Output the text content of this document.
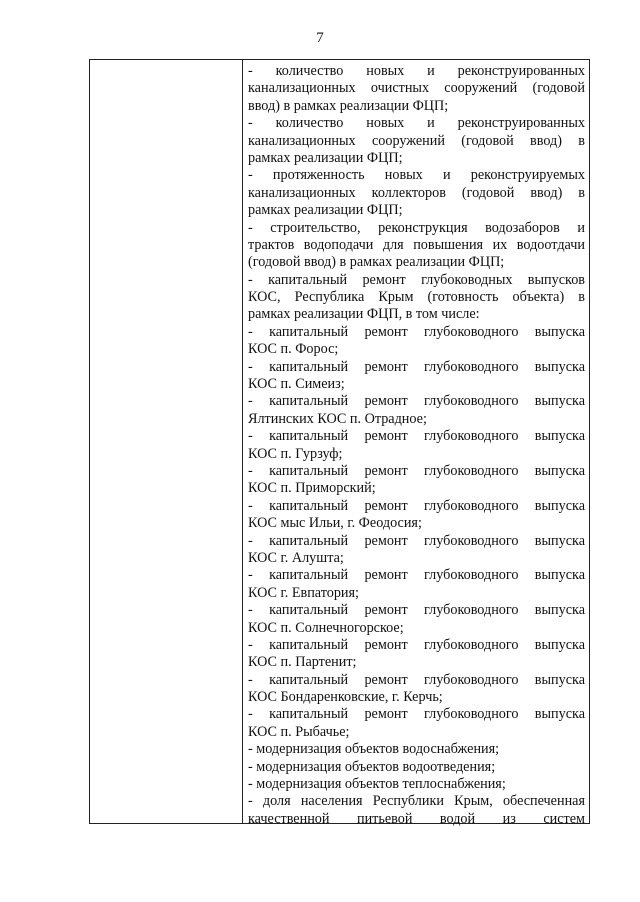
7
- количество новых и реконструированных
канализационных очистных сооружений (годовой
ввод) в рамках реализации ФЦП;
- количество новых и реконструированных
канализационных сооружений (годовой ввод) в
рамках реализации ФЦП;
- протяженность новых и реконструируемых
канализационных коллекторов (годовой ввод) в
рамках реализации ФЦП;
- строительство, реконструкция водозаборов и
трактов водоподачи для повышения их водоотдачи
(годовой ввод) в рамках реализации ФЦП;
- капитальный ремонт глубоководных выпусков
КОС, Республика Крым (готовность объекта) в
рамках реализации ФЦП, в том числе:
- капитальный ремонт глубоководного выпуска
КОС п. Форос;
- капитальный ремонт глубоководного выпуска
КОС п. Симеиз;
- капитальный ремонт глубоководного выпуска
Ялтинских КОС п. Отрадное;
- капитальный ремонт глубоководного выпуска
КОС п. Гурзуф;
- капитальный ремонт глубоководного выпуска
КОС п. Приморский;
- капитальный ремонт глубоководного выпуска
КОС мыс Ильи, г. Феодосия;
- капитальный ремонт глубоководного выпуска
КОС г. Алушта;
- капитальный ремонт глубоководного выпуска
КОС г. Евпатория;
- капитальный ремонт глубоководного выпуска
КОС п. Солнечногорское;
- капитальный ремонт глубоководного выпуска
КОС п. Партенит;
- капитальный ремонт глубоководного выпуска
КОС Бондаренковские, г. Керчь;
- капитальный ремонт глубоководного выпуска
КОС п. Рыбачье;
- модернизация объектов водоснабжения;
- модернизация объектов водоотведения;
- модернизация объектов теплоснабжения;
- доля населения Республики Крым, обеспеченная
качественной питьевой водой из систем
